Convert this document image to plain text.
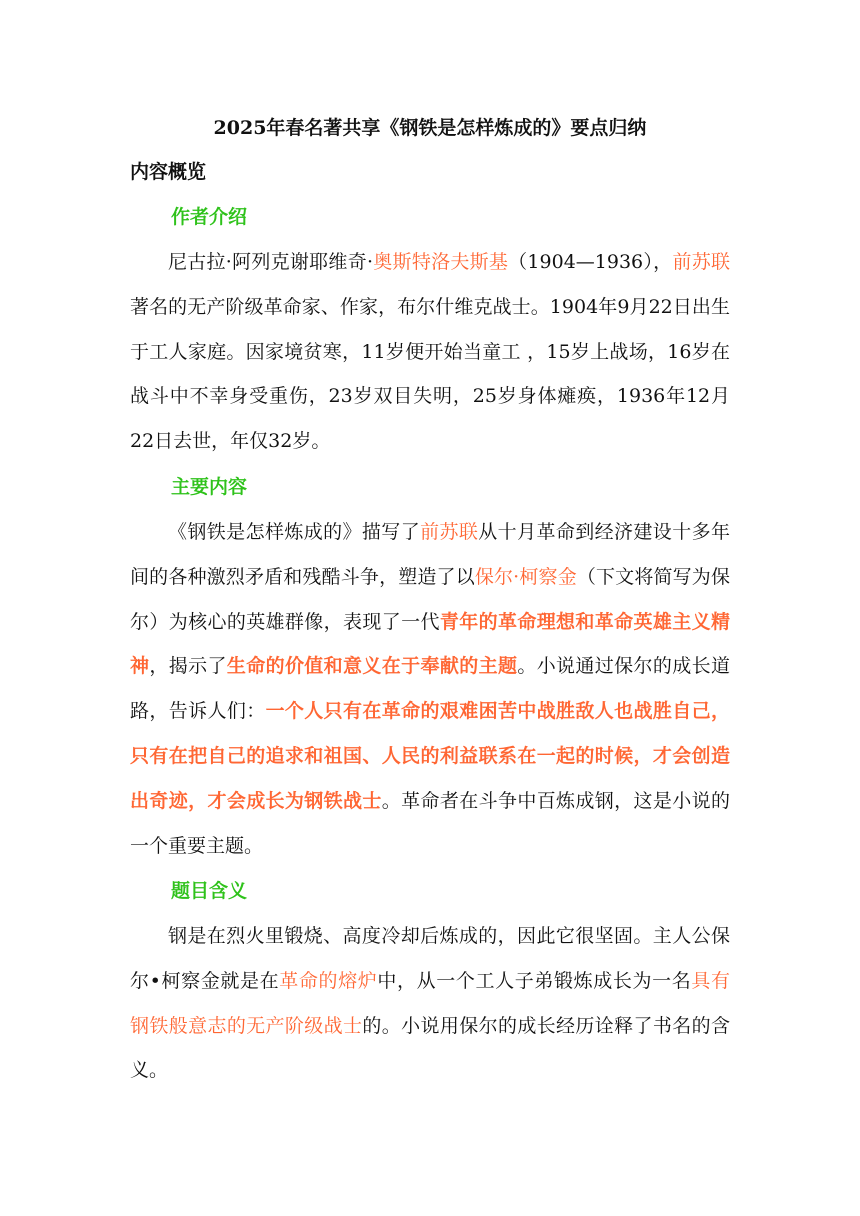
2025年春名著共享《钢铁是怎样炼成的》要点归纳
内容概览
作者介绍

尼古拉·阿列克谢耶维奇·奥斯特洛夫斯基（1904—1936），前苏联著名的无产阶级革命家、作家，布尔什维克战士。1904年9月22日出生于工人家庭。因家境贫寒，11岁便开始当童工 ，15岁上战场，16岁在战斗中不幸身受重伤，23岁双目失明，25岁身体瘫痪，1936年12月22日去世，年仅32岁。

主要内容

《钢铁是怎样炼成的》描写了前苏联从十月革命到经济建设十多年间的各种激烈矛盾和残酷斗争，塑造了以保尔·柯察金（下文将简写为保尔）为核心的英雄群像，表现了一代青年的革命理想和革命英雄主义精神，揭示了生命的价值和意义在于奉献的主题。小说通过保尔的成长道路，告诉人们：一个人只有在革命的艰难困苦中战胜敌人也战胜自己，只有在把自己的追求和祖国、人民的利益联系在一起的时候，才会创造出奇迹，才会成长为钢铁战士。革命者在斗争中百炼成钢，这是小说的一个重要主题。

题目含义

钢是在烈火里锻烧、高度冷却后炼成的，因此它很坚固。主人公保尔•柯察金就是在革命的熔炉中，从一个工人子弟锻炼成长为一名具有钢铁般意志的无产阶级战士的。小说用保尔的成长经历诠释了书名的含义。
